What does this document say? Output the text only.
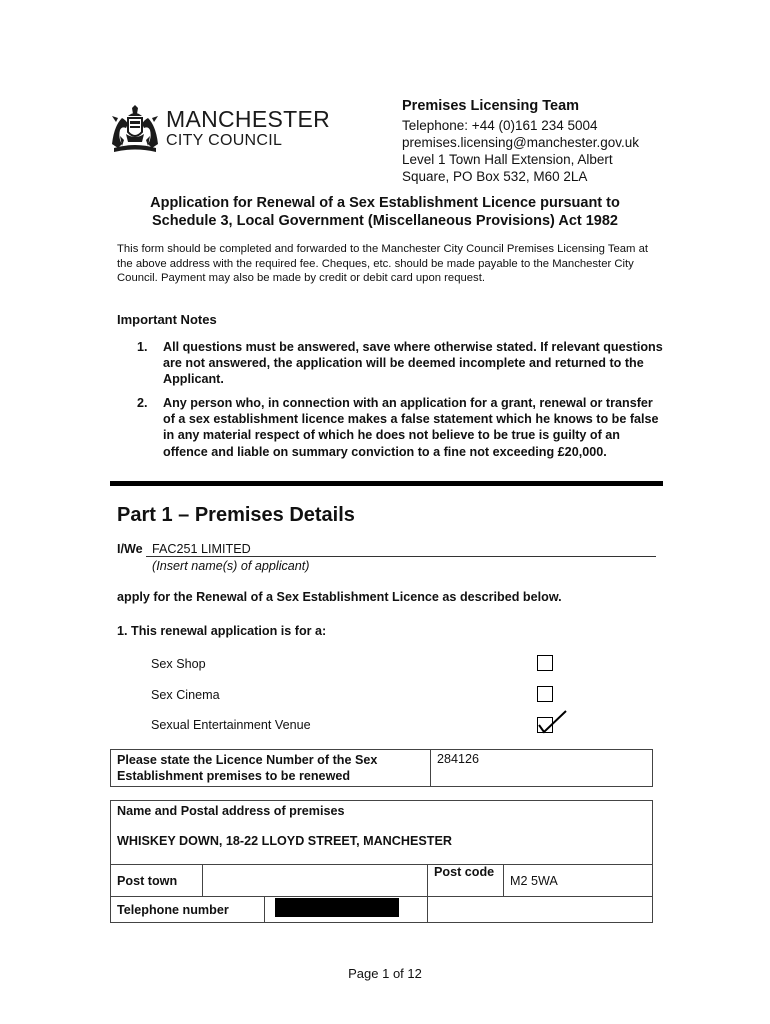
MANCHESTER
CITY COUNCIL
Premises Licensing Team
Telephone: +44 (0)161 234 5004
premises.licensing@manchester.gov.uk
Level 1 Town Hall Extension, Albert
Square, PO Box 532, M60 2LA
Application for Renewal of a Sex Establishment Licence pursuant to
Schedule 3, Local Government (Miscellaneous Provisions) Act 1982
This form should be completed and forwarded to the Manchester City Council Premises Licensing Team at the above address with the required fee. Cheques, etc. should be made payable to the Manchester City Council. Payment may also be made by credit or debit card upon request.
Important Notes
1. All questions must be answered, save where otherwise stated. If relevant questions are not answered, the application will be deemed incomplete and returned to the Applicant.
2. Any person who, in connection with an application for a grant, renewal or transfer of a sex establishment licence makes a false statement which he knows to be false in any material respect of which he does not believe to be true is guilty of an offence and liable on summary conviction to a fine not exceeding £20,000.
Part 1 – Premises Details
I/We FAC251 LIMITED
(Insert name(s) of applicant)
apply for the Renewal of a Sex Establishment Licence as described below.
1. This renewal application is for a:
Sex Shop
Sex Cinema
Sexual Entertainment Venue
Please state the Licence Number of the Sex Establishment premises to be renewed	284126
Name and Postal address of premises
WHISKEY DOWN, 18-22 LLOYD STREET, MANCHESTER			

Post town		Post code	M2 5WA

Telephone number			

Page 1 of 12
